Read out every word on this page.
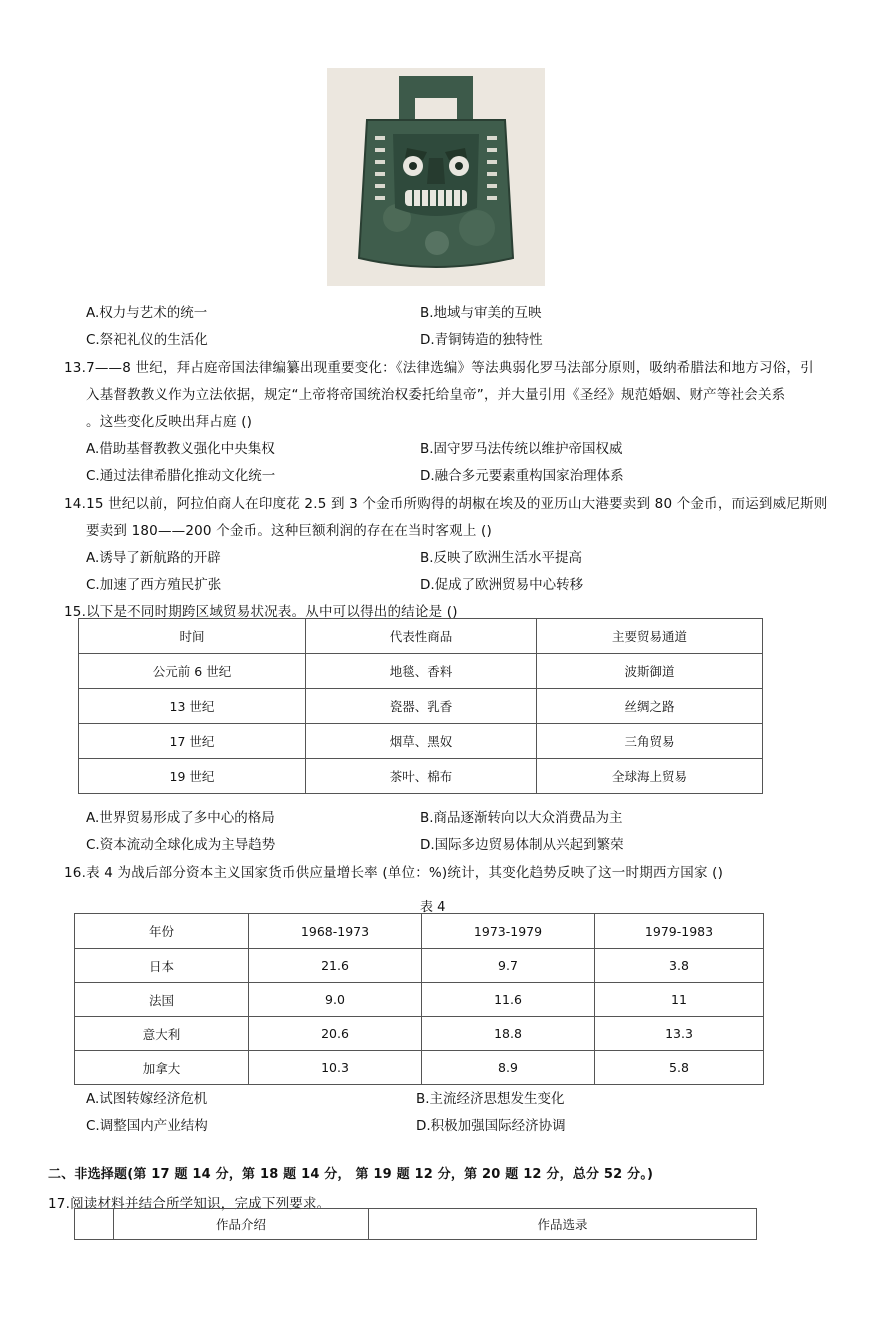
A.权力与艺术的统一	B.地域与审美的互映
C.祭祀礼仪的生活化	D.青铜铸造的独特性
13.7——8 世纪，拜占庭帝国法律编纂出现重要变化：《法律选编》等法典弱化罗马法部分原则，吸纳希腊法和地方习俗，引
入基督教教义作为立法依据，规定“上帝将帝国统治权委托给皇帝”，并大量引用《圣经》规范婚姻、财产等社会关系
。这些变化反映出拜占庭 ()
A.借助基督教教义强化中央集权	B.固守罗马法传统以维护帝国权威
C.通过法律希腊化推动文化统一	D.融合多元要素重构国家治理体系
14.15 世纪以前，阿拉伯商人在印度花 2.5 到 3 个金币所购得的胡椒在埃及的亚历山大港要卖到 80 个金币，而运到威尼斯则
要卖到 180——200 个金币。这种巨额利润的存在在当时客观上 ()
A.诱导了新航路的开辟	B.反映了欧洲生活水平提高
C.加速了西方殖民扩张	D.促成了欧洲贸易中心转移
15.以下是不同时期跨区域贸易状况表。从中可以得出的结论是 ()
时间	代表性商品	主要贸易通道
公元前 6 世纪	地毯、香料	波斯御道
13 世纪	瓷器、乳香	丝绸之路
17 世纪	烟草、黑奴	三角贸易
19 世纪	茶叶、棉布	全球海上贸易
A.世界贸易形成了多中心的格局	B.商品逐渐转向以大众消费品为主
C.资本流动全球化成为主导趋势	D.国际多边贸易体制从兴起到繁荣
16.表 4 为战后部分资本主义国家货币供应量增长率 (单位：%)统计，其变化趋势反映了这一时期西方国家 ()
表 4
年份	1968-1973	1973-1979	1979-1983
日本	21.6	9.7	3.8
法国	9.0	11.6	11
意大利	20.6	18.8	13.3
加拿大	10.3	8.9	5.8
A.试图转嫁经济危机	B.主流经济思想发生变化
C.调整国内产业结构	D.积极加强国际经济协调
二、非选择题(第 17 题 14 分，第 18 题 14 分， 第 19 题 12 分，第 20 题 12 分，总分 52 分。)
17.阅读材料并结合所学知识，完成下列要求。
	作品介绍	作品选录
